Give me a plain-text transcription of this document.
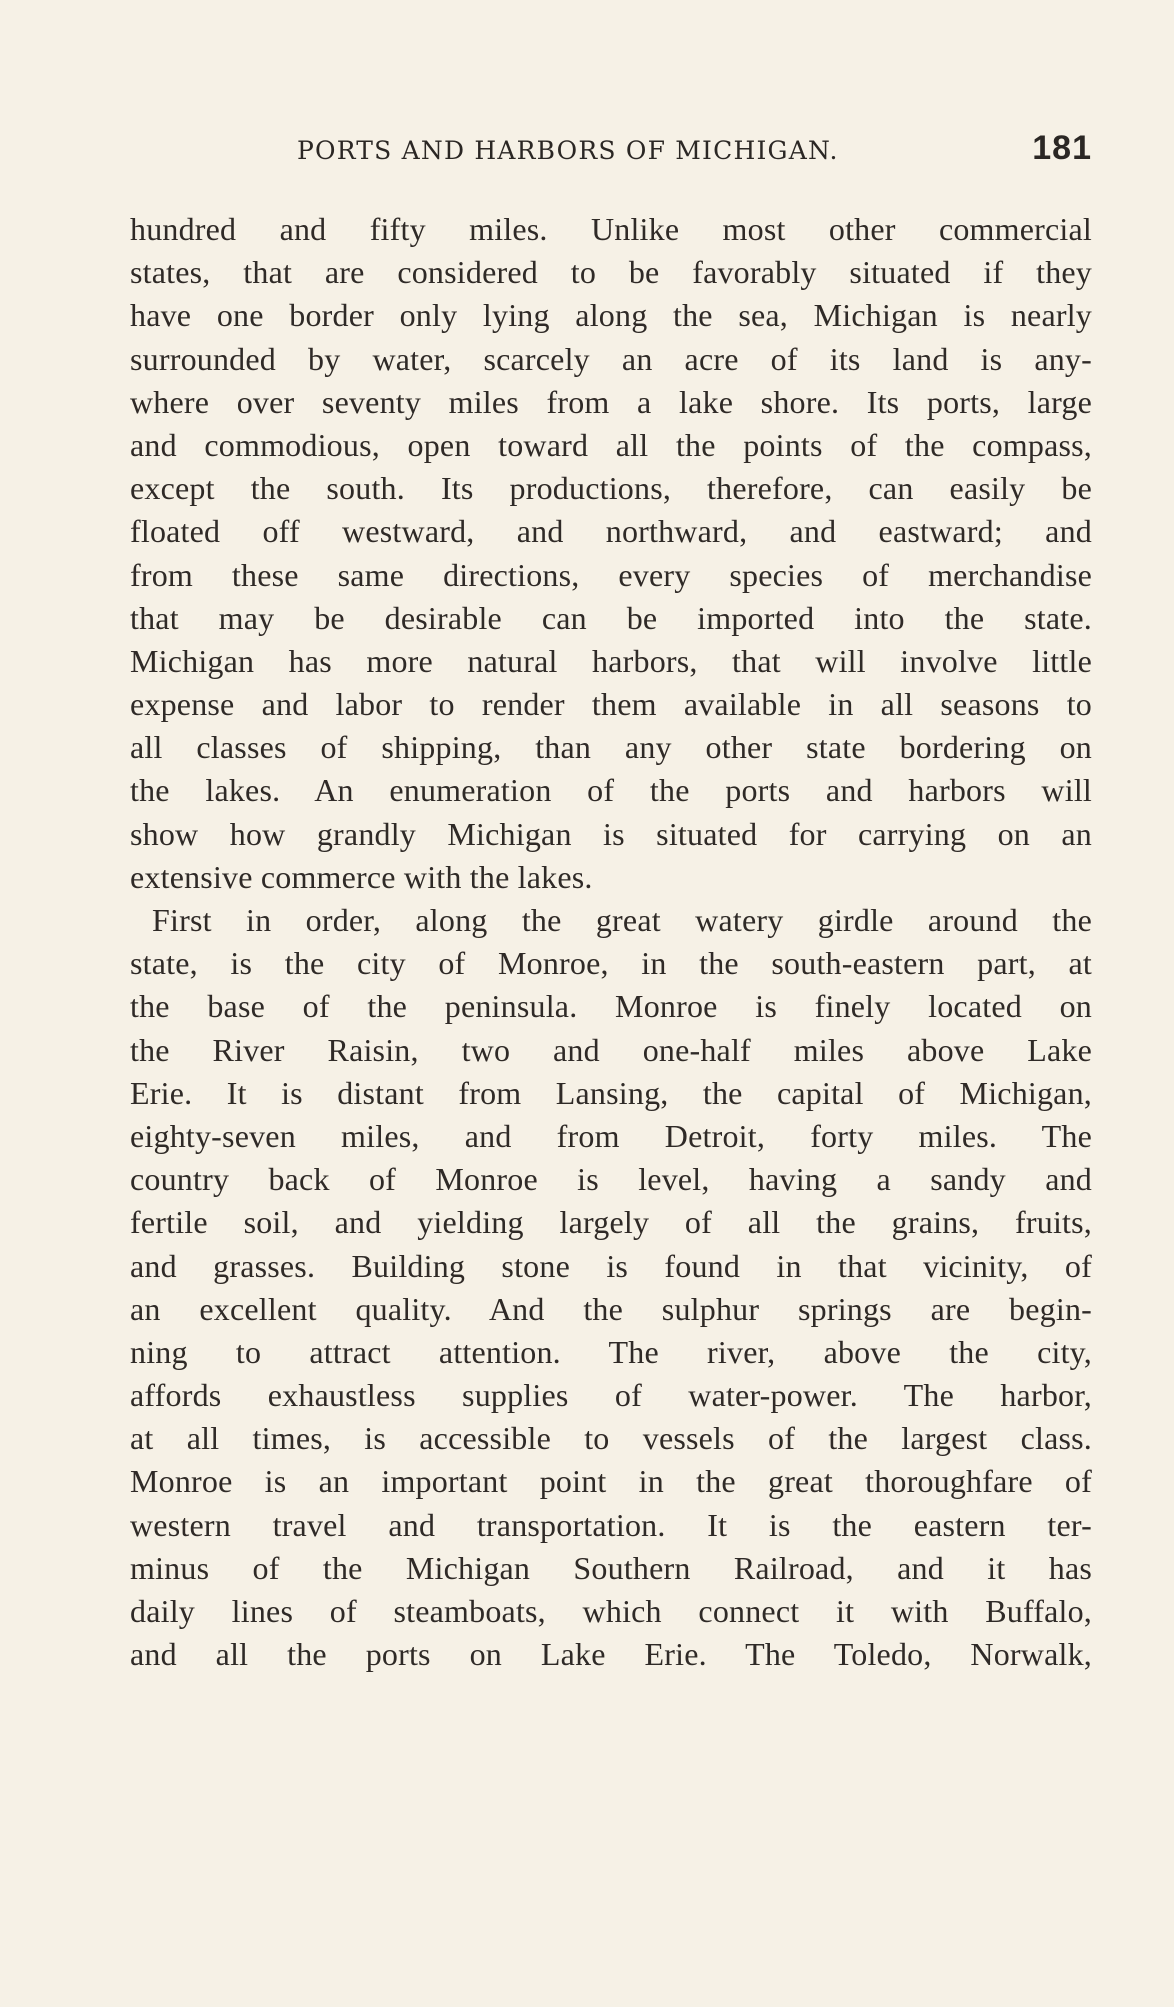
PORTS AND HARBORS OF MICHIGAN.	181
hundred and fifty miles. Unlike most other commercial
states, that are considered to be favorably situated if they
have one border only lying along the sea, Michigan is nearly
surrounded by water, scarcely an acre of its land is any-
where over seventy miles from a lake shore. Its ports, large
and commodious, open toward all the points of the compass,
except the south. Its productions, therefore, can easily be
floated off westward, and northward, and eastward; and
from these same directions, every species of merchandise
that may be desirable can be imported into the state.
Michigan has more natural harbors, that will involve little
expense and labor to render them available in all seasons to
all classes of shipping, than any other state bordering on
the lakes. An enumeration of the ports and harbors will
show how grandly Michigan is situated for carrying on an
extensive commerce with the lakes.
First in order, along the great watery girdle around the
state, is the city of Monroe, in the south-eastern part, at
the base of the peninsula. Monroe is finely located on
the River Raisin, two and one-half miles above Lake
Erie. It is distant from Lansing, the capital of Michigan,
eighty-seven miles, and from Detroit, forty miles. The
country back of Monroe is level, having a sandy and
fertile soil, and yielding largely of all the grains, fruits,
and grasses. Building stone is found in that vicinity, of
an excellent quality. And the sulphur springs are begin-
ning to attract attention. The river, above the city,
affords exhaustless supplies of water-power. The harbor,
at all times, is accessible to vessels of the largest class.
Monroe is an important point in the great thoroughfare of
western travel and transportation. It is the eastern ter-
minus of the Michigan Southern Railroad, and it has
daily lines of steamboats, which connect it with Buffalo,
and all the ports on Lake Erie. The Toledo, Norwalk,
